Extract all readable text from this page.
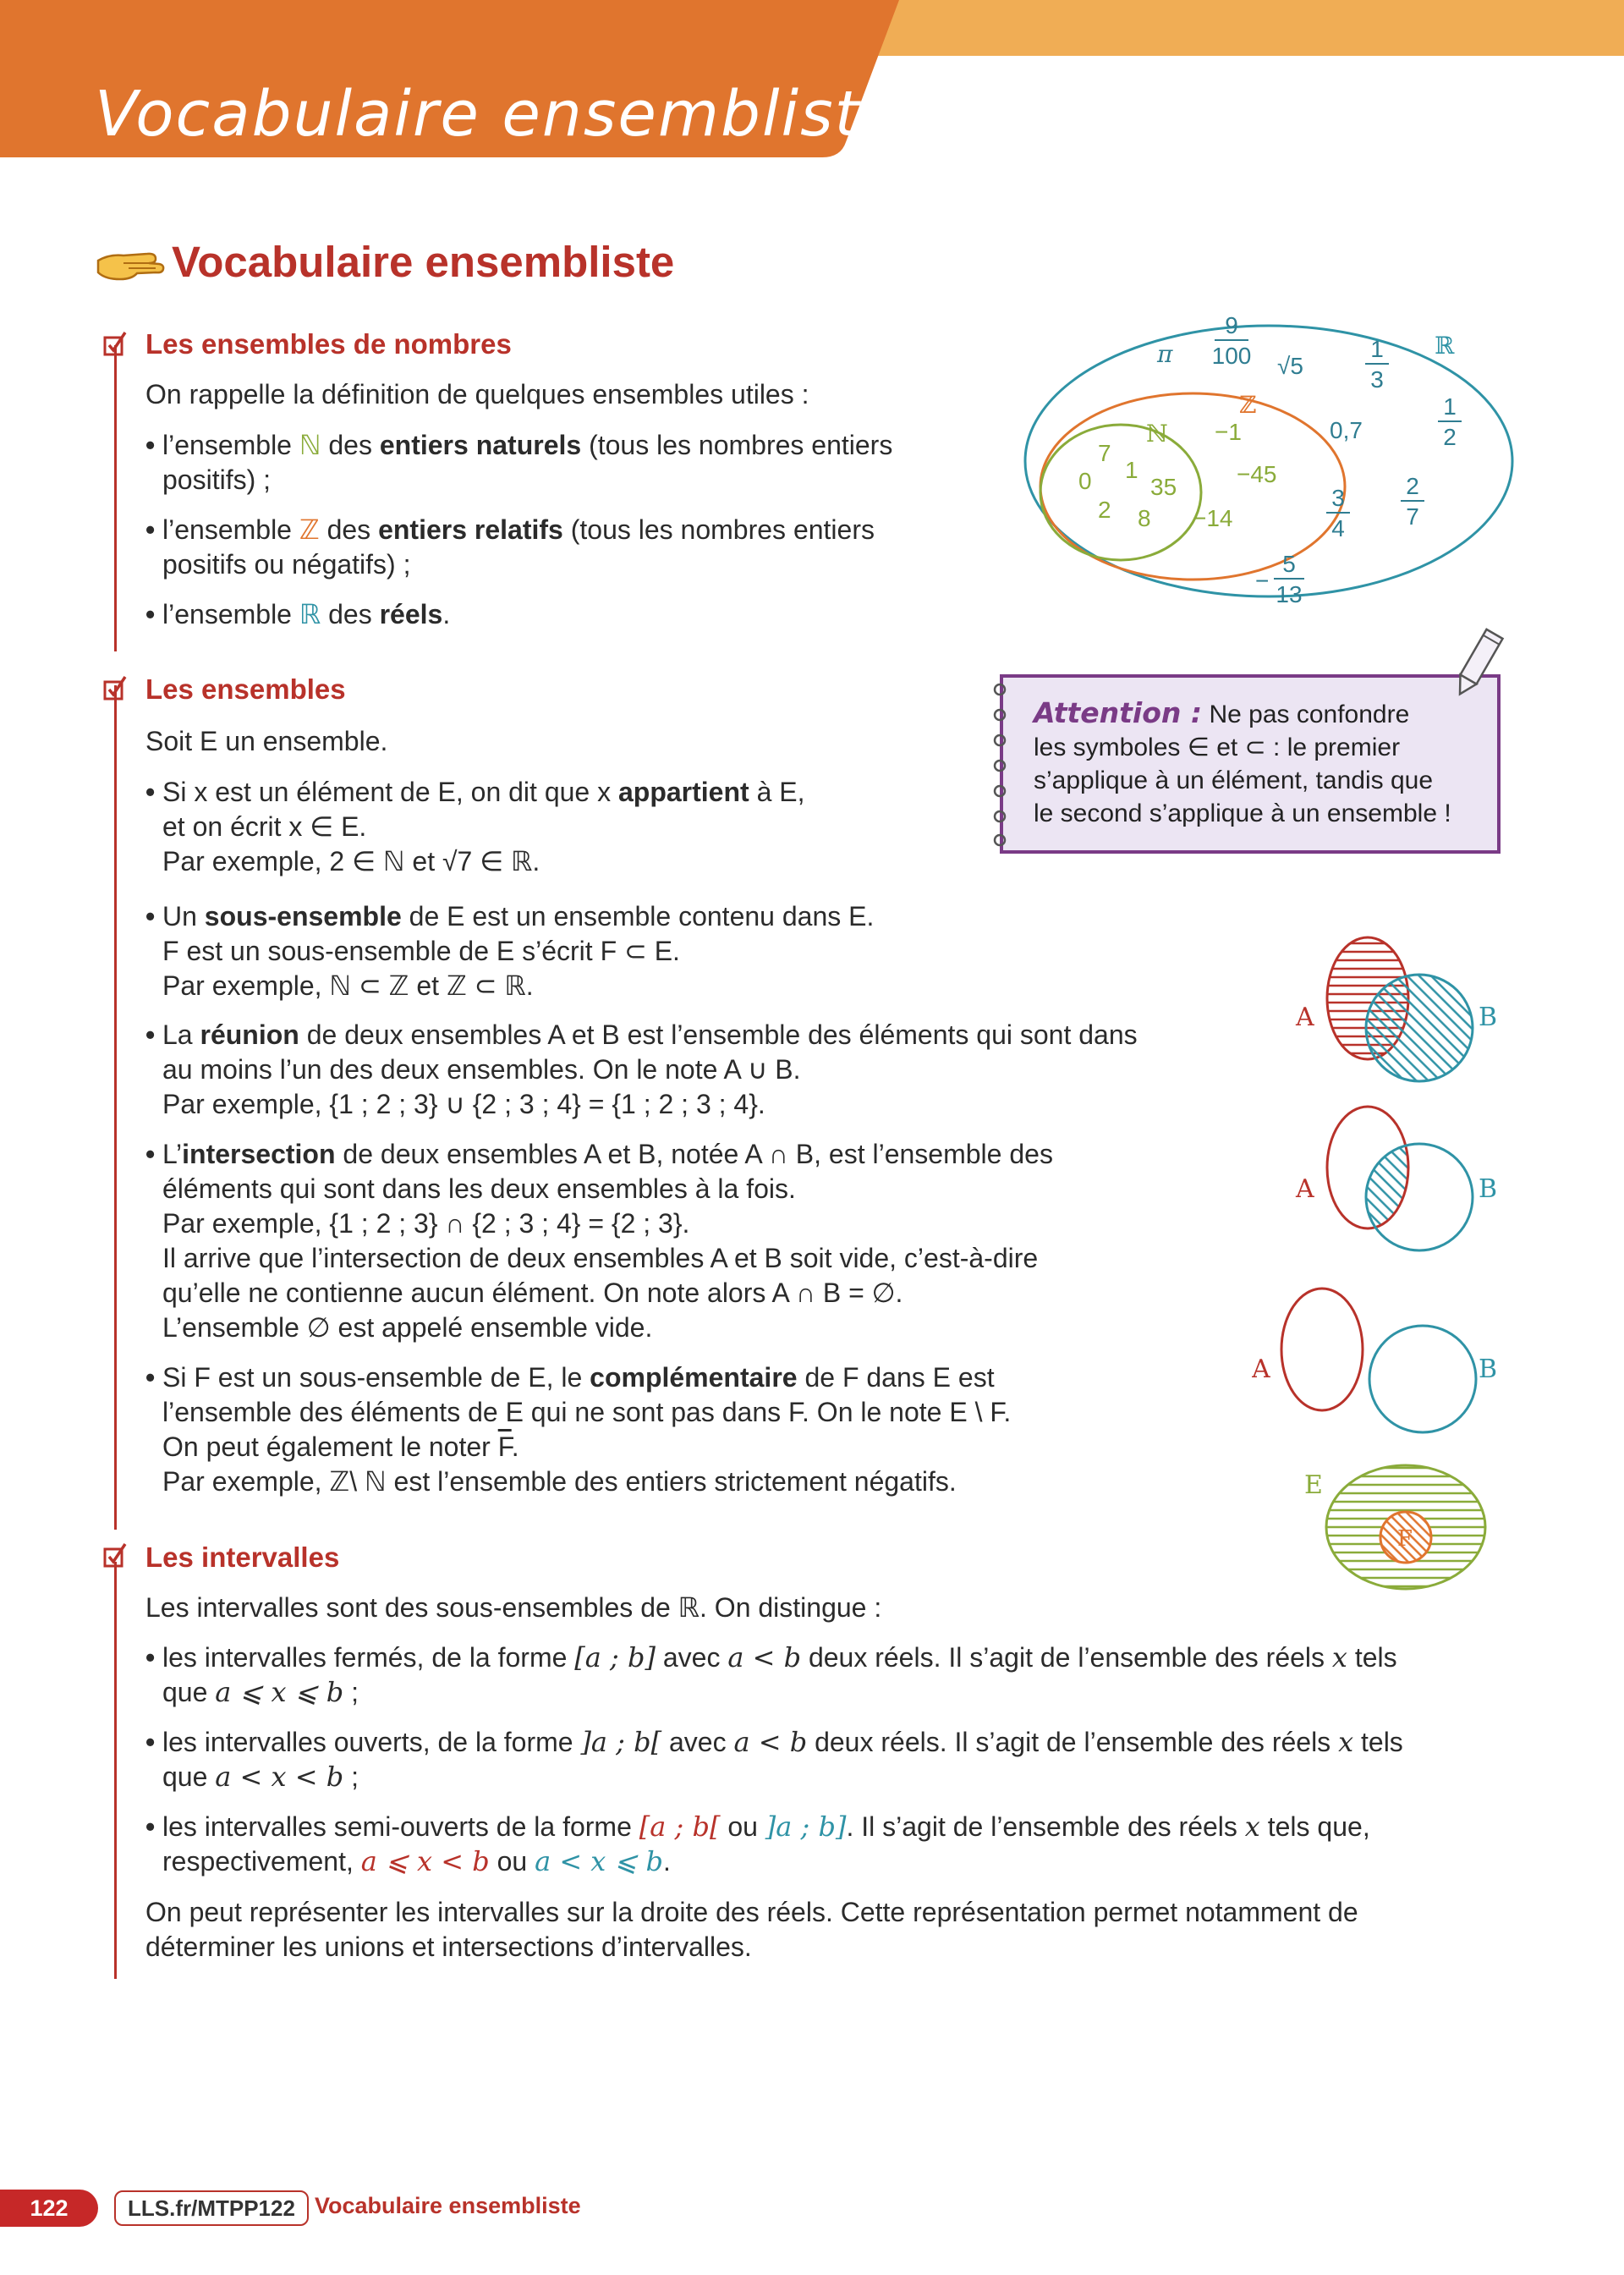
Vocabulaire ensembliste
Vocabulaire ensembliste
Les ensembles de nombres
On rappelle la définition de quelques ensembles utiles :
• l’ensemble ℕ des entiers naturels (tous les nombres entiers
positifs) ;
• l’ensemble ℤ des entiers relatifs (tous les nombres entiers
positifs ou négatifs) ;
• l’ensemble ℝ des réels.
ℝ
ℤ
ℕ
π
9
100 √5
1
3
1
2
7
0 1
35
2 8
−1
−45
−14
0,7
3
4
2
7
−
5
13
Attention : Ne pas confondre
les symboles ∈ et ⊂ : le premier
s’applique à un élément, tandis que
le second s’applique à un ensemble !
Les ensembles
Soit E un ensemble.
• Si x est un élément de E, on dit que x appartient à E,
et on écrit x ∈ E.
Par exemple, 2 ∈ ℕ et √7 ∈ ℝ.
• Un sous-ensemble de E est un ensemble contenu dans E.
F est un sous-ensemble de E s’écrit F ⊂ E.
Par exemple, ℕ ⊂ ℤ et ℤ ⊂ ℝ.
• La réunion de deux ensembles A et B est l’ensemble des éléments qui sont dans
au moins l’un des deux ensembles. On le note A ∪ B.
Par exemple, {1 ; 2 ; 3} ∪ {2 ; 3 ; 4} = {1 ; 2 ; 3 ; 4}.
• L’intersection de deux ensembles A et B, notée A ∩ B, est l’ensemble des
éléments qui sont dans les deux ensembles à la fois.
Par exemple, {1 ; 2 ; 3} ∩ {2 ; 3 ; 4} = {2 ; 3}.
Il arrive que l’intersection de deux ensembles A et B soit vide, c’est-à-dire
qu’elle ne contienne aucun élément. On note alors A ∩ B = ∅.
L’ensemble ∅ est appelé ensemble vide.
• Si F est un sous-ensemble de E, le complémentaire de F dans E est
l’ensemble des éléments de E qui ne sont pas dans F. On le note E \ F.
On peut également le noter $\overline{F}$.
Par exemple, ℤ\ ℕ est l’ensemble des entiers strictement négatifs.
A	B
A	B
A	B
E
F
Les intervalles
Les intervalles sont des sous-ensembles de ℝ. On distingue :
• les intervalles fermés, de la forme [a ; b] avec a < b deux réels. Il s’agit de l’ensemble des réels x tels
que a ⩽ x ⩽ b ;
• les intervalles ouverts, de la forme ]a ; b[ avec a < b deux réels. Il s’agit de l’ensemble des réels x tels
que a < x < b ;
• les intervalles semi-ouverts de la forme [a ; b[ ou ]a ; b]. Il s’agit de l’ensemble des réels x tels que,
respectivement, a ⩽ x < b ou a < x ⩽ b.
On peut représenter les intervalles sur la droite des réels. Cette représentation permet notamment de
déterminer les unions et intersections d’intervalles.
122	LLS.fr/MTPP122 Vocabulaire ensembliste
